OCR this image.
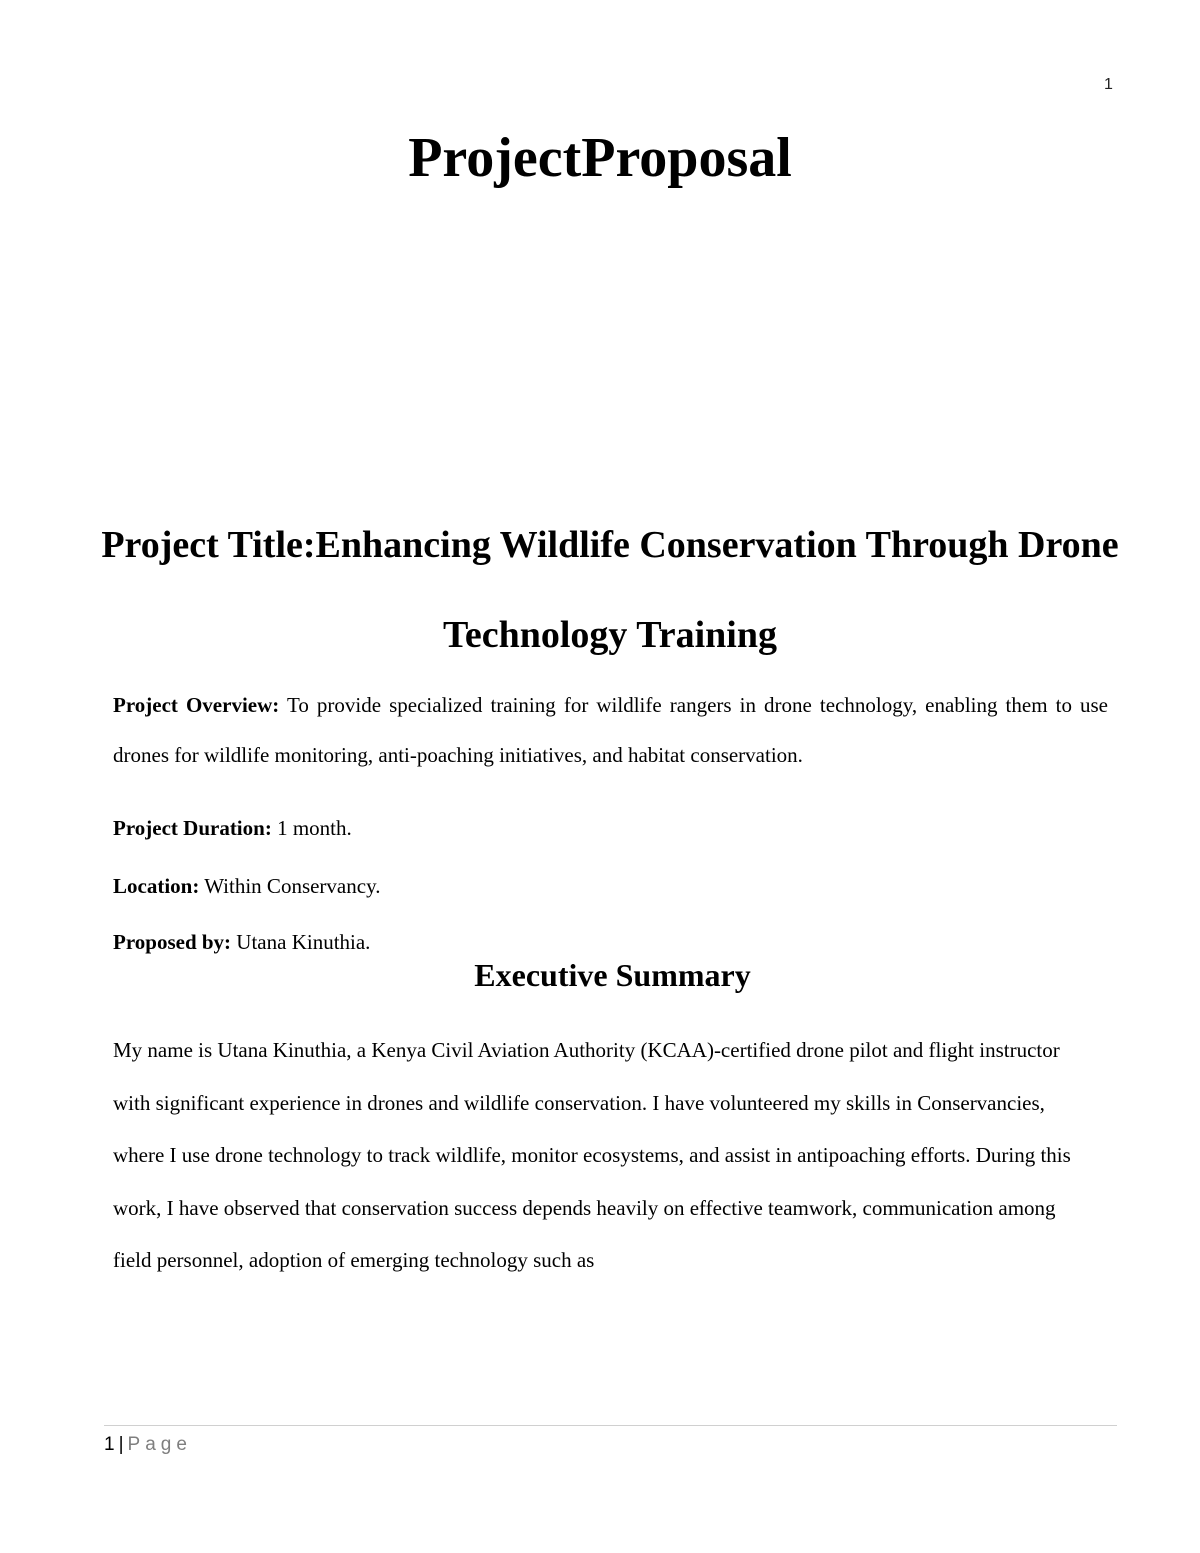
1
ProjectProposal
Project Title:Enhancing Wildlife Conservation Through Drone Technology Training

Project Overview: To provide specialized training for wildlife rangers in drone technology, enabling them to use drones for wildlife monitoring, anti-poaching initiatives, and habitat conservation.

Project Duration: 1 month.

Location: Within Conservancy.

Proposed by: Utana Kinuthia.

Executive Summary

My name is Utana Kinuthia, a Kenya Civil Aviation Authority (KCAA)-certified drone pilot and flight instructor with significant experience in drones and wildlife conservation. I have volunteered my skills in Conservancies, where I use drone technology to track wildlife, monitor ecosystems, and assist in antipoaching efforts. During this work, I have observed that conservation success depends heavily on effective teamwork, communication among field personnel, adoption of emerging technology such as

1 | Page
